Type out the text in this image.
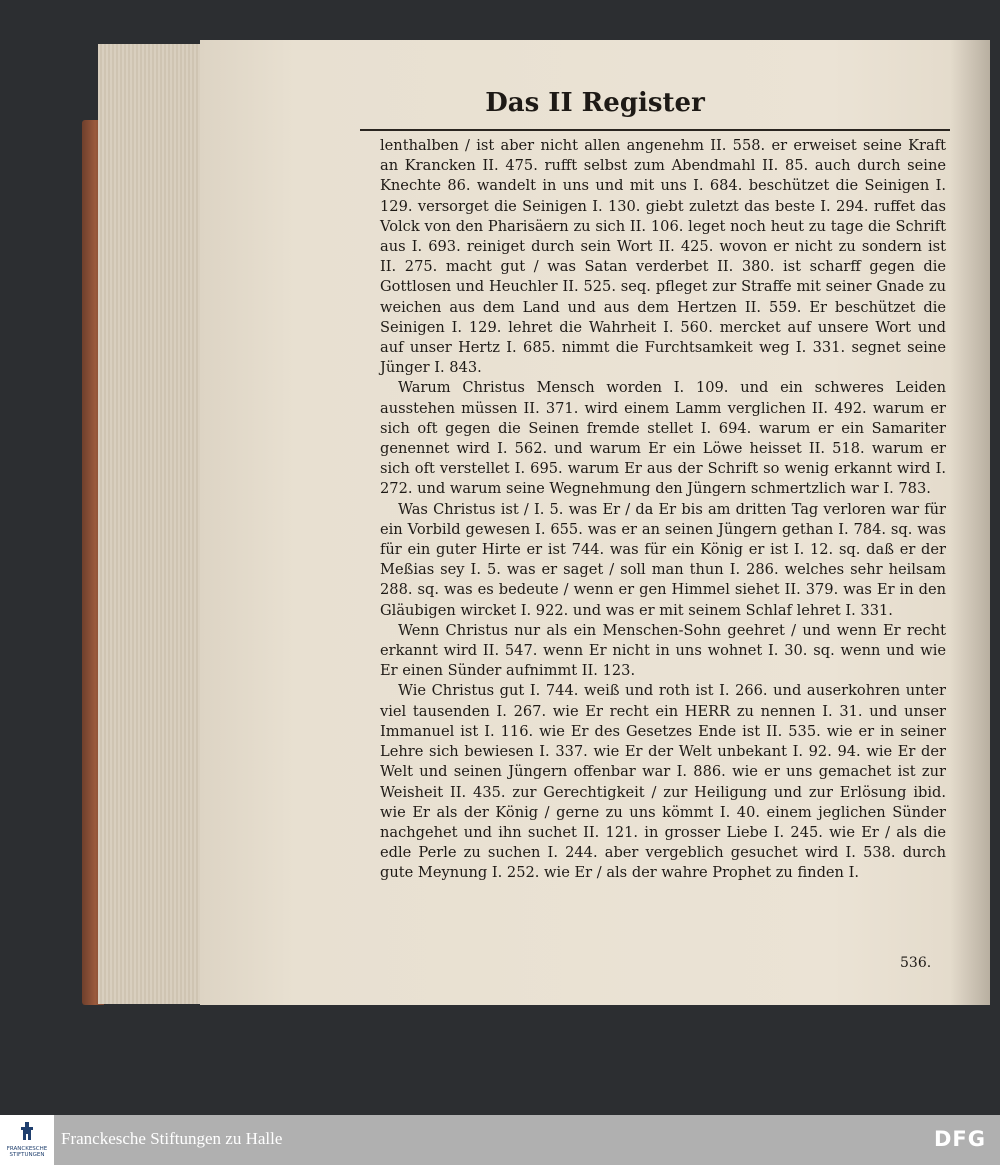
Das II Register

lenthalben / ist aber nicht allen angenehm II. 558. er erweiset seine Kraft an Krancken II. 475. rufft selbst zum Abendmahl II. 85. auch durch seine Knechte 86. wandelt in uns und mit uns I. 684. beschützet die Seinigen I. 129. versorget die Seinigen I. 130. giebt zuletzt das beste I. 294. ruffet das Volck von den Pharisäern zu sich II. 106. leget noch heut zu tage die Schrift aus I. 693. reiniget durch sein Wort II. 425. wovon er nicht zu sondern ist II. 275. macht gut / was Satan verderbet II. 380. ist scharff gegen die Gottlosen und Heuchler II. 525. seq. pfleget zur Straffe mit seiner Gnade zu weichen aus dem Land und aus dem Hertzen II. 559. Er beschützet die Seinigen I. 129. lehret die Wahrheit I. 560. mercket auf unsere Wort und auf unser Hertz I. 685. nimmt die Furchtsamkeit weg I. 331. segnet seine Jünger I. 843.

Warum Christus Mensch worden I. 109. und ein schweres Leiden ausstehen müssen II. 371. wird einem Lamm verglichen II. 492. warum er sich oft gegen die Seinen fremde stellet I. 694. warum er ein Samariter genennet wird I. 562. und warum Er ein Löwe heisset II. 518. warum er sich oft verstellet I. 695. warum Er aus der Schrift so wenig erkannt wird I. 272. und warum seine Wegnehmung den Jüngern schmertzlich war I. 783.

Was Christus ist / I. 5. was Er / da Er bis am dritten Tag verloren war für ein Vorbild gewesen I. 655. was er an seinen Jüngern gethan I. 784. sq. was für ein guter Hirte er ist 744. was für ein König er ist I. 12. sq. daß er der Meßias sey I. 5. was er saget / soll man thun I. 286. welches sehr heilsam 288. sq. was es bedeute / wenn er gen Himmel siehet II. 379. was Er in den Gläubigen wircket I. 922. und was er mit seinem Schlaf lehret I. 331.

Wenn Christus nur als ein Menschen-Sohn geehret / und wenn Er recht erkannt wird II. 547. wenn Er nicht in uns wohnet I. 30. sq. wenn und wie Er einen Sünder aufnimmt II. 123.

Wie Christus gut I. 744. weiß und roth ist I. 266. und auserkohren unter viel tausenden I. 267. wie Er recht ein HERR zu nennen I. 31. und unser Immanuel ist I. 116. wie Er des Gesetzes Ende ist II. 535. wie er in seiner Lehre sich bewiesen I. 337. wie Er der Welt unbekant I. 92. 94. wie Er der Welt und seinen Jüngern offenbar war I. 886. wie er uns gemachet ist zur Weisheit II. 435. zur Gerechtigkeit / zur Heiligung und zur Erlösung ibid. wie Er als der König / gerne zu uns kömmt I. 40. einem jeglichen Sünder nachgehet und ihn suchet II. 121. in grosser Liebe I. 245. wie Er / als die edle Perle zu suchen I. 244. aber vergeblich gesuchet wird I. 538. durch gute Meynung I. 252. wie Er / als der wahre Prophet zu finden I.

536.
FRANCKESCHE STIFTUNGEN
Franckesche Stiftungen zu Halle	DFG
